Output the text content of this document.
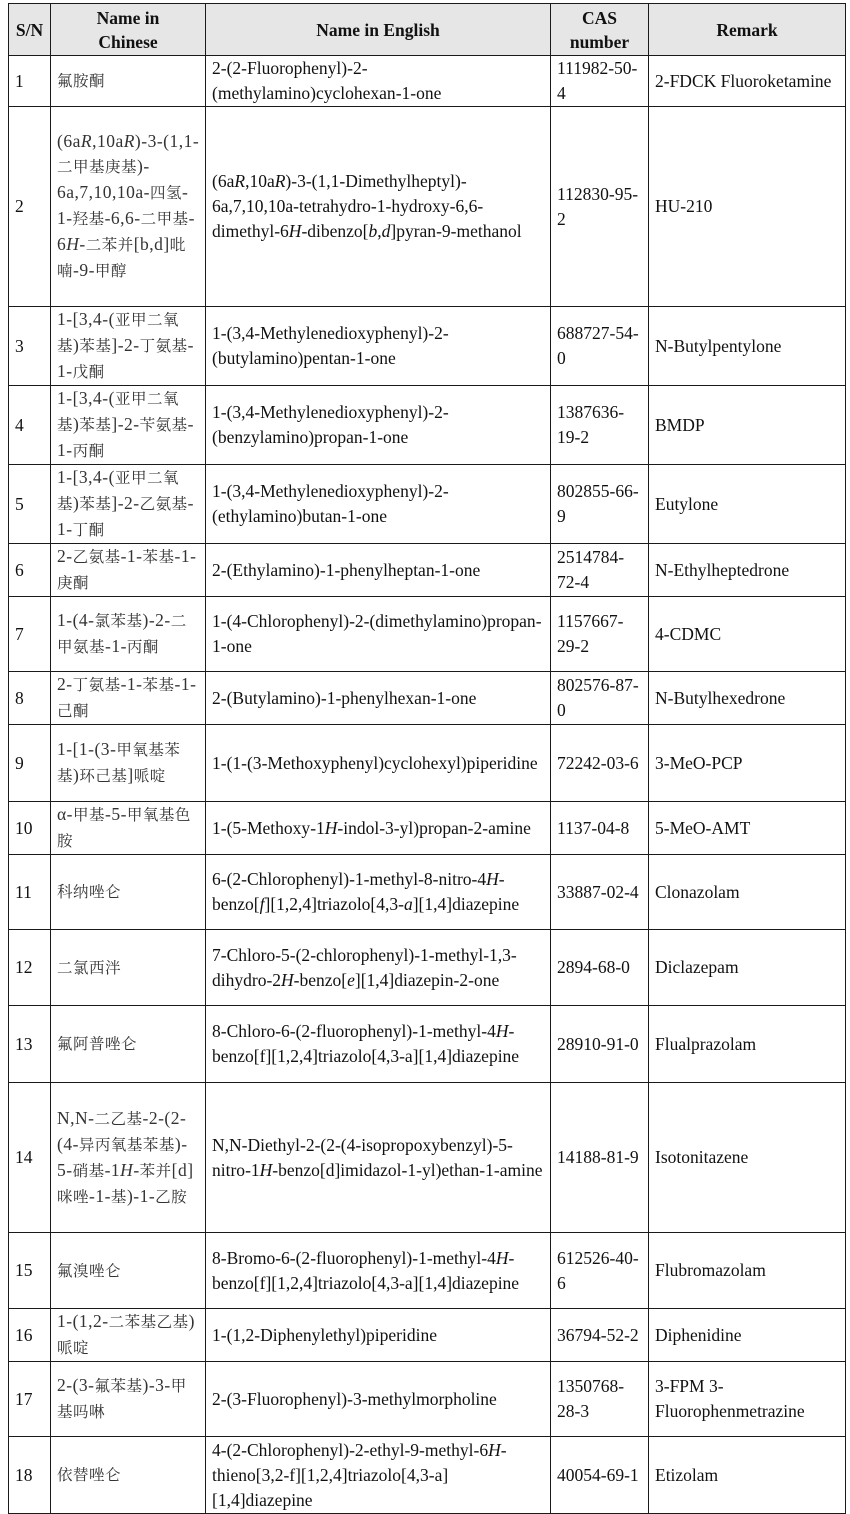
S/N	Name in Chinese	Name in English	CAS number	Remark
1	氟胺酮	2-(2-Fluorophenyl)-2-(methylamino)cyclohexan-1-one	111982-50-4	2-FDCK Fluoroketamine
2	(6aR,10aR)-3-(1,1-二甲基庚基)-6a,7,10,10a-四氢-1-羟基-6,6-二甲基-6H-二苯并[b,d]吡喃-9-甲醇	(6aR,10aR)-3-(1,1-Dimethylheptyl)-6a,7,10,10a-tetrahydro-1-hydroxy-6,6-dimethyl-6H-dibenzo[b,d]pyran-9-methanol	112830-95-2	HU-210
3	1-[3,4-(亚甲二氧基)苯基]-2-丁氨基-1-戊酮	1-(3,4-Methylenedioxyphenyl)-2-(butylamino)pentan-1-one	688727-54-0	N-Butylpentylone
4	1-[3,4-(亚甲二氧基)苯基]-2-苄氨基-1-丙酮	1-(3,4-Methylenedioxyphenyl)-2-(benzylamino)propan-1-one	1387636-19-2	BMDP
5	1-[3,4-(亚甲二氧基)苯基]-2-乙氨基-1-丁酮	1-(3,4-Methylenedioxyphenyl)-2-(ethylamino)butan-1-one	802855-66-9	Eutylone
6	2-乙氨基-1-苯基-1-庚酮	2-(Ethylamino)-1-phenylheptan-1-one	2514784-72-4	N-Ethylheptedrone
7	1-(4-氯苯基)-2-二甲氨基-1-丙酮	1-(4-Chlorophenyl)-2-(dimethylamino)propan-1-one	1157667-29-2	4-CDMC
8	2-丁氨基-1-苯基-1-己酮	2-(Butylamino)-1-phenylhexan-1-one	802576-87-0	N-Butylhexedrone
9	1-[1-(3-甲氧基苯基)环己基]哌啶	1-(1-(3-Methoxyphenyl)cyclohexyl)piperidine	72242-03-6	3-MeO-PCP
10	α-甲基-5-甲氧基色胺	1-(5-Methoxy-1H-indol-3-yl)propan-2-amine	1137-04-8	5-MeO-AMT
11	科纳唑仑	6-(2-Chlorophenyl)-1-methyl-8-nitro-4H-benzo[f][1,2,4]triazolo[4,3-a][1,4]diazepine	33887-02-4	Clonazolam
12	二氯西泮	7-Chloro-5-(2-chlorophenyl)-1-methyl-1,3-dihydro-2H-benzo[e][1,4]diazepin-2-one	2894-68-0	Diclazepam
13	氟阿普唑仑	8-Chloro-6-(2-fluorophenyl)-1-methyl-4H-benzo[f][1,2,4]triazolo[4,3-a][1,4]diazepine	28910-91-0	Flualprazolam
14	N,N-二乙基-2-(2-(4-异丙氧基苯基)-5-硝基-1H-苯并[d]咪唑-1-基)-1-乙胺	N,N-Diethyl-2-(2-(4-isopropoxybenzyl)-5-nitro-1H-benzo[d]imidazol-1-yl)ethan-1-amine	14188-81-9	Isotonitazene
15	氟溴唑仑	8-Bromo-6-(2-fluorophenyl)-1-methyl-4H-benzo[f][1,2,4]triazolo[4,3-a][1,4]diazepine	612526-40-6	Flubromazolam
16	1-(1,2-二苯基乙基)哌啶	1-(1,2-Diphenylethyl)piperidine	36794-52-2	Diphenidine
17	2-(3-氟苯基)-3-甲基吗啉	2-(3-Fluorophenyl)-3-methylmorpholine	1350768-28-3	3-FPM 3-Fluorophenmetrazine
18	依替唑仑	4-(2-Chlorophenyl)-2-ethyl-9-methyl-6H-thieno[3,2-f][1,2,4]triazolo[4,3-a][1,4]diazepine	40054-69-1	Etizolam
